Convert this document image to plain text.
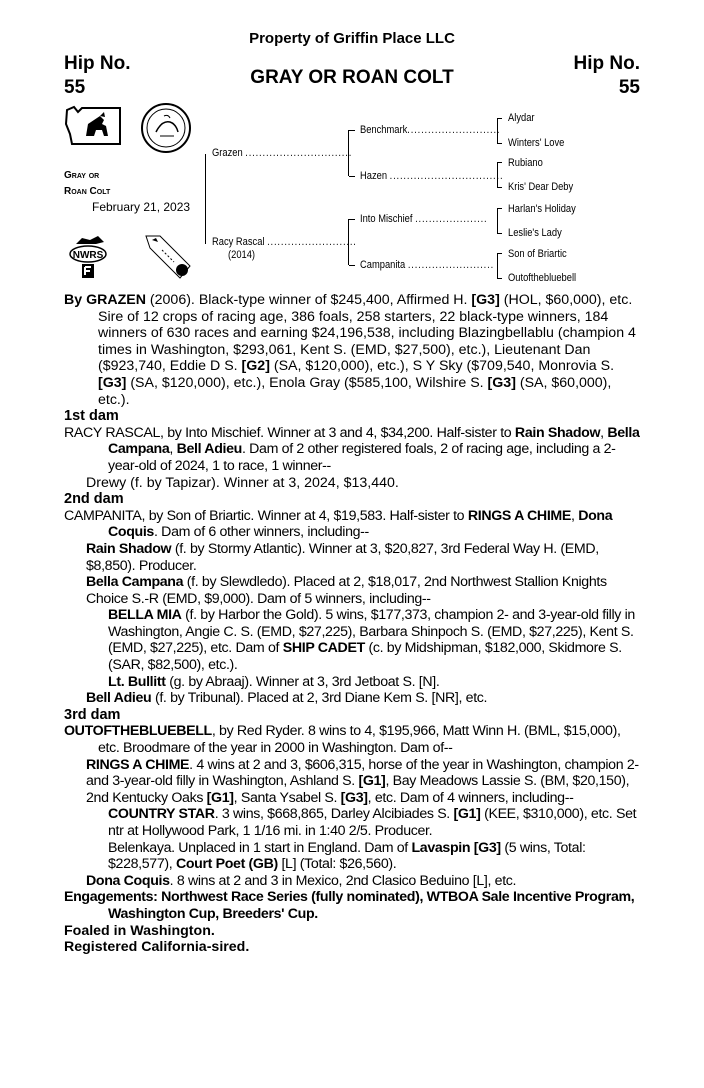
Property of Griffin Place LLC
Hip No.
55
Hip No.
55
GRAY OR ROAN COLT
NWRS
Gray or
Roan Colt
February 21, 2023
Grazen ...............................
Racy Rascal ..........................
(2014)
Benchmark...........................
Hazen .................................
Into Mischief .....................
Campanita .........................
Alydar
Winters' Love
Rubiano
Kris' Dear Deby
Harlan's Holiday
Leslie's Lady
Son of Briartic
Outofthebluebell

By GRAZEN (2006). Black-type winner of $245,400, Affirmed H. [G3] (HOL, $60,000), etc. Sire of 12 crops of racing age, 386 foals, 258 starters, 22 black-type winners, 184 winners of 630 races and earning $24,196,538, including Blazingbellablu (champion 4 times in Washington, $293,061, Kent S. (EMD, $27,500), etc.), Lieutenant Dan ($923,740, Eddie D S. [G2] (SA, $120,000), etc.), S Y Sky ($709,540, Monrovia S. [G3] (SA, $120,000), etc.), Enola Gray ($585,100, Wilshire S. [G3] (SA, $60,000), etc.).

1st dam

RACY RASCAL, by Into Mischief. Winner at 3 and 4, $34,200. Half-sister to Rain Shadow, Bella Campana, Bell Adieu. Dam of 2 other registered foals, 2 of racing age, including a 2-year-old of 2024, 1 to race, 1 winner--

Drewy (f. by Tapizar). Winner at 3, 2024, $13,440.

2nd dam

CAMPANITA, by Son of Briartic. Winner at 4, $19,583. Half-sister to RINGS A CHIME, Dona Coquis. Dam of 6 other winners, including--

Rain Shadow (f. by Stormy Atlantic). Winner at 3, $20,827, 3rd Federal Way H. (EMD, $8,850). Producer.

Bella Campana (f. by Slewdledo). Placed at 2, $18,017, 2nd Northwest Stallion Knights Choice S.-R (EMD, $9,000). Dam of 5 winners, including--

BELLA MIA (f. by Harbor the Gold). 5 wins, $177,373, champion 2- and 3-year-old filly in Washington, Angie C. S. (EMD, $27,225), Barbara Shinpoch S. (EMD, $27,225), Kent S. (EMD, $27,225), etc. Dam of SHIP CADET (c. by Midshipman, $182,000, Skidmore S. (SAR, $82,500), etc.).

Lt. Bullitt (g. by Abraaj). Winner at 3, 3rd Jetboat S. [N].

Bell Adieu (f. by Tribunal). Placed at 2, 3rd Diane Kem S. [NR], etc.

3rd dam

OUTOFTHEBLUEBELL, by Red Ryder. 8 wins to 4, $195,966, Matt Winn H. (BML, $15,000), etc. Broodmare of the year in 2000 in Washington. Dam of--

RINGS A CHIME. 4 wins at 2 and 3, $606,315, horse of the year in Washington, champion 2- and 3-year-old filly in Washington, Ashland S. [G1], Bay Meadows Lassie S. (BM, $20,150), 2nd Kentucky Oaks [G1], Santa Ysabel S. [G3], etc. Dam of 4 winners, including--

COUNTRY STAR. 3 wins, $668,865, Darley Alcibiades S. [G1] (KEE, $310,000), etc. Set ntr at Hollywood Park, 1 1/16 mi. in 1:40 2/5. Producer.

Belenkaya. Unplaced in 1 start in England. Dam of Lavaspin [G3] (5 wins, Total: $228,577), Court Poet (GB) [L] (Total: $26,560).

Dona Coquis. 8 wins at 2 and 3 in Mexico, 2nd Clasico Beduino [L], etc.

Engagements: Northwest Race Series (fully nominated), WTBOA Sale Incentive Program, Washington Cup, Breeders' Cup.

Foaled in Washington.

Registered California-sired.
